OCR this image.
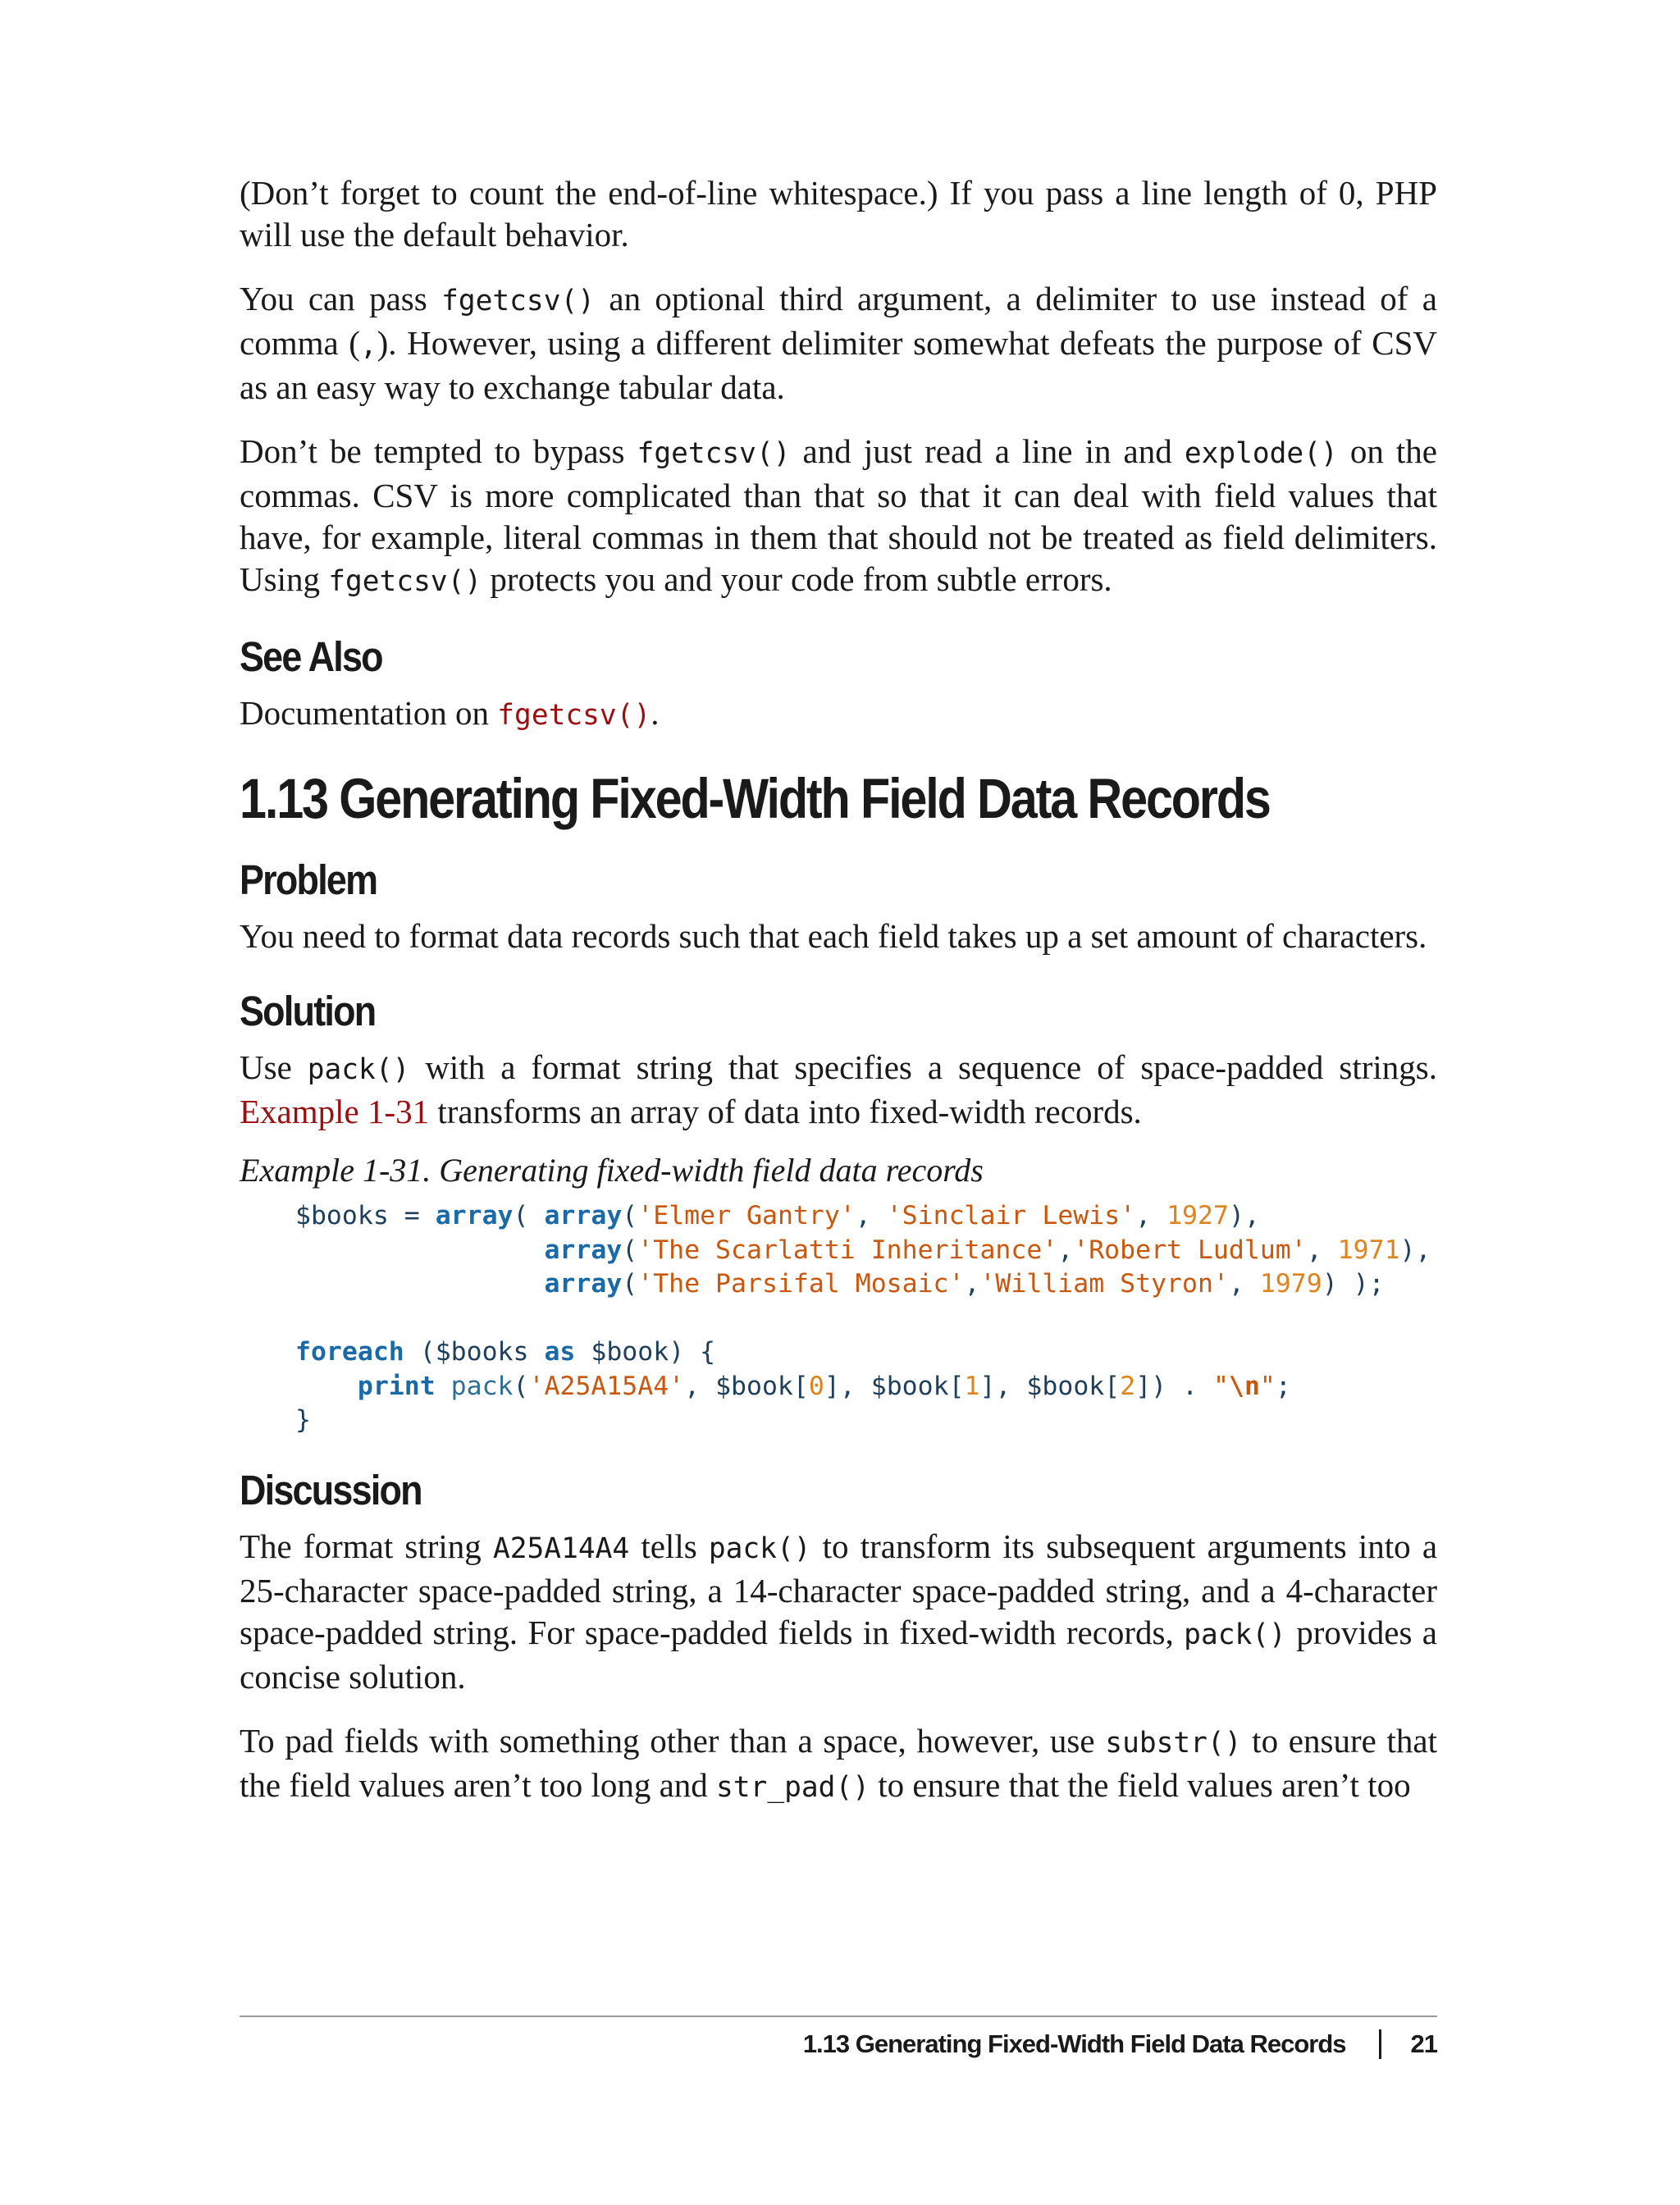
(Don’t forget to count the end-of-line whitespace.) If you pass a line length of 0, PHP will use the default behavior.

You can pass fgetcsv() an optional third argument, a delimiter to use instead of a comma (,). However, using a different delimiter somewhat defeats the purpose of CSV as an easy way to exchange tabular data.

Don’t be tempted to bypass fgetcsv() and just read a line in and explode() on the commas. CSV is more complicated than that so that it can deal with field values that have, for example, literal commas in them that should not be treated as field delimiters. Using fgetcsv() protects you and your code from subtle errors.

See Also

Documentation on fgetcsv().

1.13 Generating Fixed-Width Field Data Records
Problem

You need to format data records such that each field takes up a set amount of characters.

Solution

Use pack() with a format string that specifies a sequence of space-padded strings. Example 1-31 transforms an array of data into fixed-width records.

Example 1-31. Generating fixed-width field data records

$books = array( array('Elmer Gantry', 'Sinclair Lewis', 1927),
array('The Scarlatti Inheritance','Robert Ludlum', 1971),
array('The Parsifal Mosaic','William Styron', 1979) );

foreach ($books as $book) {
print pack('A25A15A4', $book[0], $book[1], $book[2]) . "\n";
}
Discussion

The format string A25A14A4 tells pack() to transform its subsequent arguments into a 25-character space-padded string, a 14-character space-padded string, and a 4-character space-padded string. For space-padded fields in fixed-width records, pack() provides a concise solution.

To pad fields with something other than a space, however, use substr() to ensure that the field values aren’t too long and str_pad() to ensure that the field values aren’t too

1.13 Generating Fixed-Width Field Data Records	21
